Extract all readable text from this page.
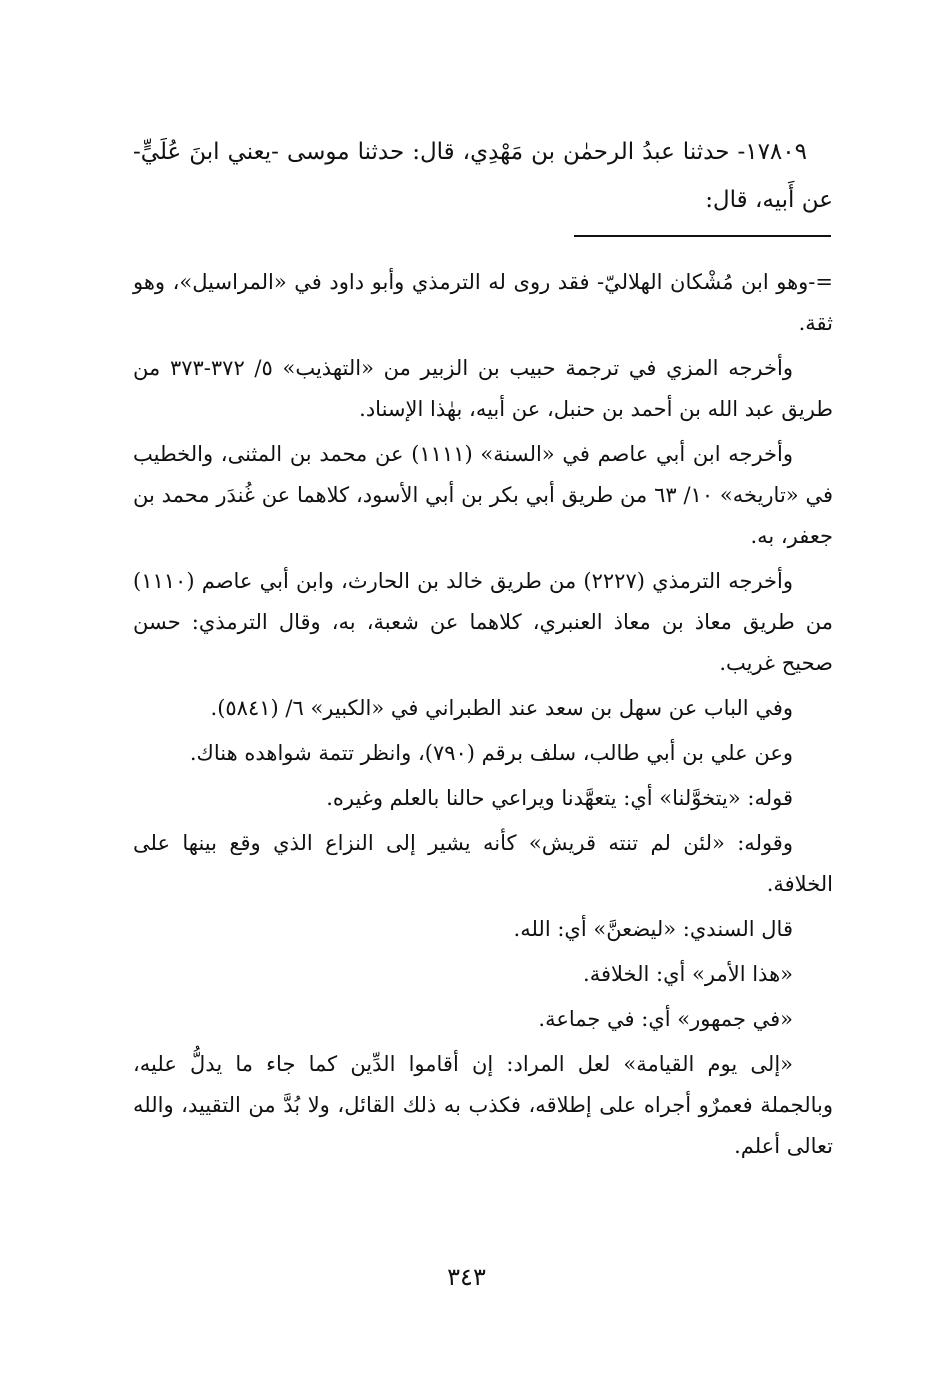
١٧٨٠٩- حدثنا عبدُ الرحمٰن بن مَهْدِي، قال: حدثنا موسى -يعني ابنَ عُلَيٍّ- عن أَبيه، قال:

=-وهو ابن مُشْكان الهلاليّ- فقد روى له الترمذي وأبو داود في «المراسيل»، وهو ثقة.

وأخرجه المزي في ترجمة حبيب بن الزبير من «التهذيب» ٥/ ٣٧٢-٣٧٣ من طريق عبد الله بن أحمد بن حنبل، عن أبيه، بهٰذا الإسناد.

وأخرجه ابن أبي عاصم في «السنة» (١١١١) عن محمد بن المثنى، والخطيب في «تاريخه» ١٠/ ٦٣ من طريق أبي بكر بن أبي الأسود، كلاهما عن غُندَر محمد بن جعفر، به.

وأخرجه الترمذي (٢٢٢٧) من طريق خالد بن الحارث، وابن أبي عاصم (١١١٠) من طريق معاذ بن معاذ العنبري، كلاهما عن شعبة، به، وقال الترمذي: حسن صحيح غريب.

وفي الباب عن سهل بن سعد عند الطبراني في «الكبير» ٦/ (٥٨٤١).

وعن علي بن أبي طالب، سلف برقم (٧٩٠)، وانظر تتمة شواهده هناك.

قوله: «يتخوَّلنا» أي: يتعهَّدنا ويراعي حالنا بالعلم وغيره.

وقوله: «لئن لم تنته قريش» كأنه يشير إلى النزاع الذي وقع بينها على الخلافة.

قال السندي: «ليضعنَّ» أي: الله.

«هذا الأمر» أي: الخلافة.

«في جمهور» أي: في جماعة.

«إلى يوم القيامة» لعل المراد: إن أقاموا الدِّين كما جاء ما يدلُّ عليه، وبالجملة فعمرٌو أجراه على إطلاقه، فكذب به ذلك القائل، ولا بُدَّ من التقييد، والله تعالى أعلم.

٣٤٣
